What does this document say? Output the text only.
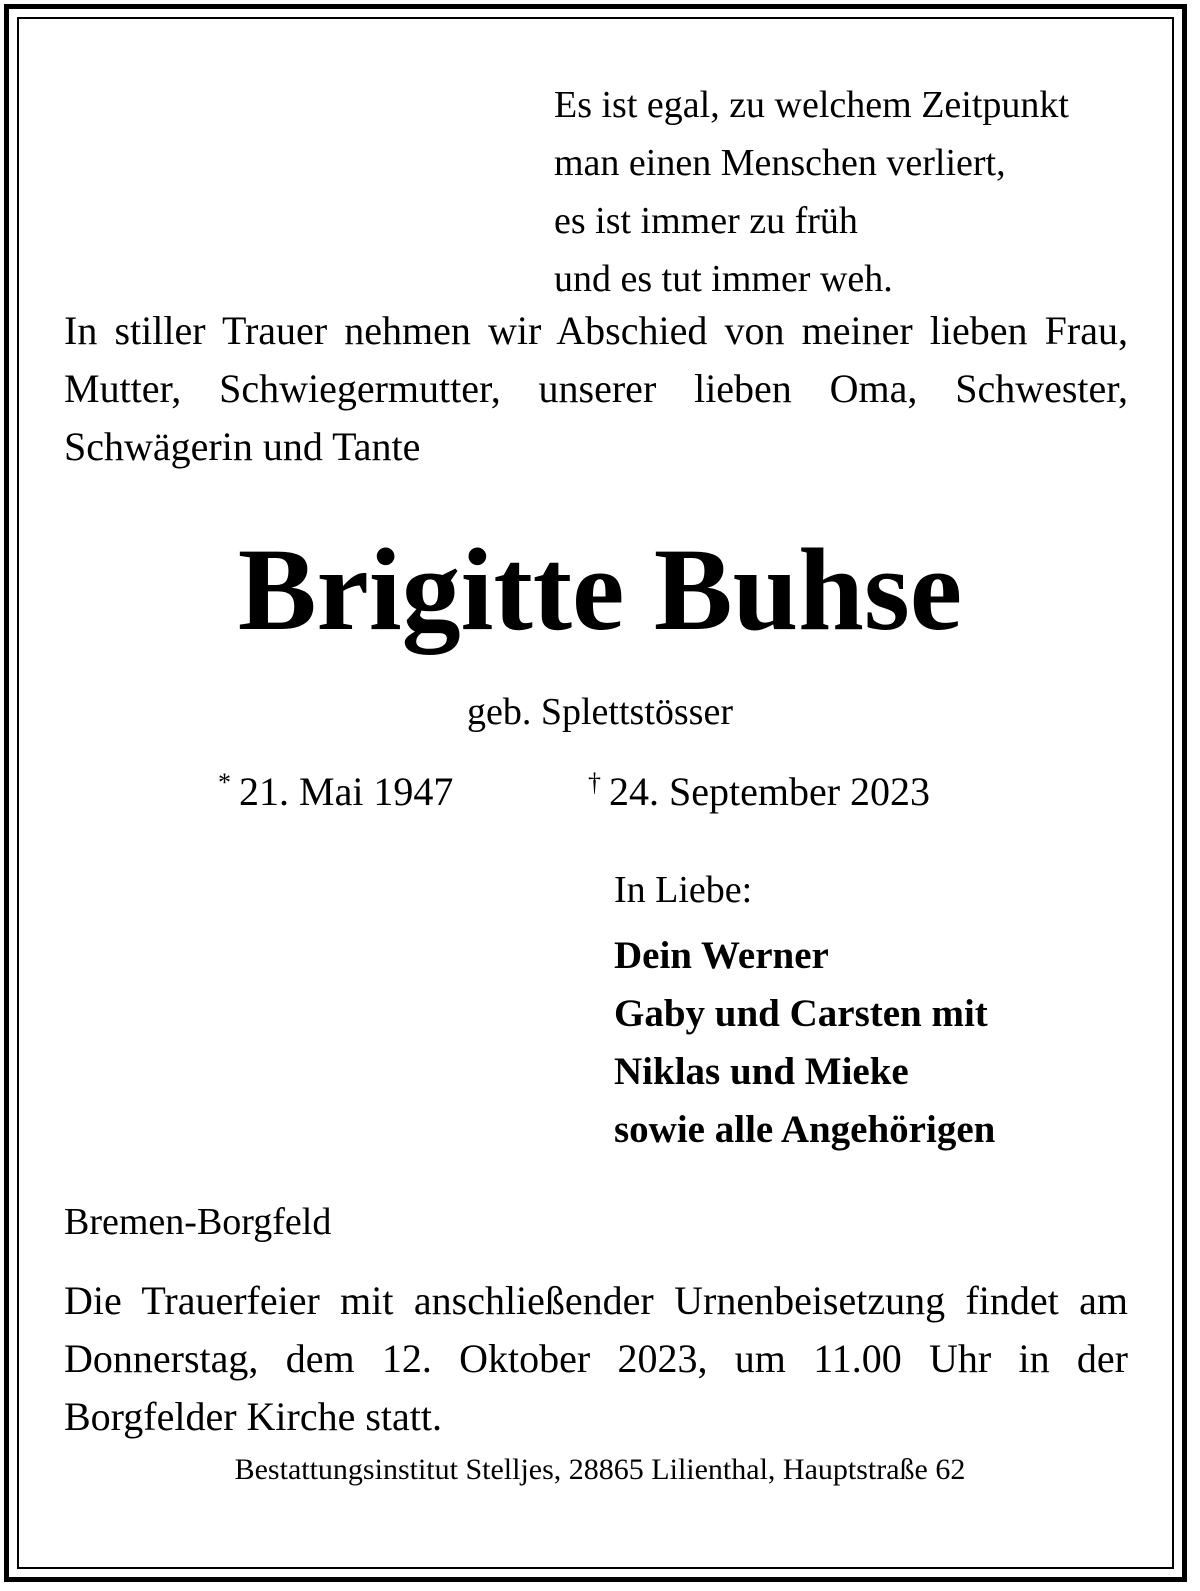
Es ist egal, zu welchem Zeitpunkt
man einen Menschen verliert,
es ist immer zu früh
und es tut immer weh.
In stiller Trauer nehmen wir Abschied von meiner lieben Frau, Mutter, Schwiegermutter, unserer lieben Oma, Schwester, Schwägerin und Tante
Brigitte Buhse
geb. Splettstösser
* 21. Mai 1947	† 24. September 2023
In Liebe:
Dein Werner
Gaby und Carsten mit
Niklas und Mieke
sowie alle Angehörigen
Bremen-Borgfeld
Die Trauerfeier mit anschließender Urnenbeisetzung findet am Donnerstag, dem 12. Oktober 2023, um 11.00 Uhr in der Borgfelder Kirche statt.
Bestattungsinstitut Stelljes, 28865 Lilienthal, Hauptstraße 62
